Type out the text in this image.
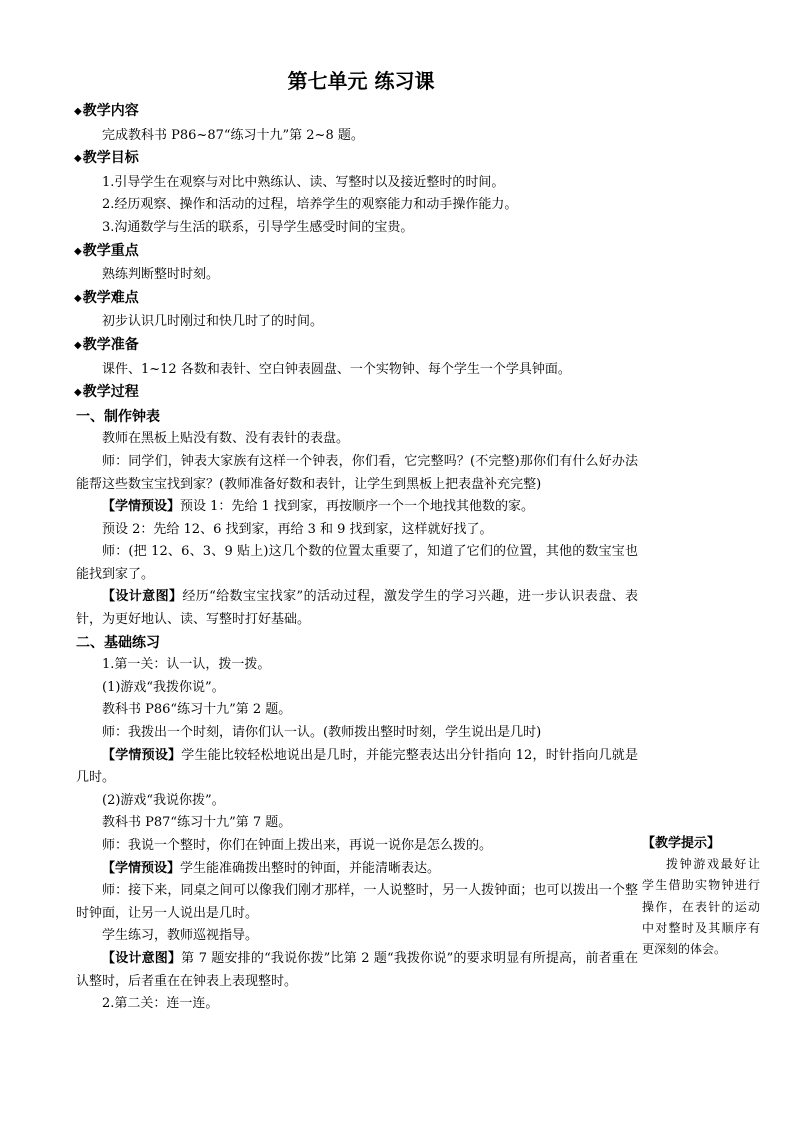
第七单元 练习课
◆教学内容

完成教科书 P86~87“练习十九”第 2~8 题。

◆教学目标

1.引导学生在观察与对比中熟练认、读、写整时以及接近整时的时间。

2.经历观察、操作和活动的过程，培养学生的观察能力和动手操作能力。

3.沟通数学与生活的联系，引导学生感受时间的宝贵。

◆教学重点

熟练判断整时时刻。

◆教学难点

初步认识几时刚过和快几时了的时间。

◆教学准备

课件、1~12 各数和表针、空白钟表圆盘、一个实物钟、每个学生一个学具钟面。

◆教学过程
一、制作钟表

教师在黑板上贴没有数、没有表针的表盘。

师：同学们，钟表大家族有这样一个钟表，你们看，它完整吗？(不完整)那你们有什么好办法能帮这些数宝宝找到家？(教师准备好数和表针，让学生到黑板上把表盘补充完整)

【学情预设】预设 1：先给 1 找到家，再按顺序一个一个地找其他数的家。

预设 2：先给 12、6 找到家，再给 3 和 9 找到家，这样就好找了。

师：(把 12、6、3、9 贴上)这几个数的位置太重要了，知道了它们的位置，其他的数宝宝也能找到家了。

【设计意图】经历“给数宝宝找家”的活动过程，激发学生的学习兴趣，进一步认识表盘、表针，为更好地认、读、写整时打好基础。

二、基础练习

1.第一关：认一认，拨一拨。

(1)游戏“我拨你说”。

教科书 P86“练习十九”第 2 题。

师：我拨出一个时刻，请你们认一认。(教师拨出整时时刻，学生说出是几时)

【学情预设】学生能比较轻松地说出是几时，并能完整表达出分针指向 12，时针指向几就是几时。

(2)游戏“我说你拨”。

教科书 P87“练习十九”第 7 题。

师：我说一个整时，你们在钟面上拨出来，再说一说你是怎么拨的。

【学情预设】学生能准确拨出整时的钟面，并能清晰表达。

师：接下来，同桌之间可以像我们刚才那样，一人说整时，另一人拨钟面；也可以拨出一个整时钟面，让另一人说出是几时。

学生练习，教师巡视指导。

【设计意图】第 7 题安排的“我说你拨”比第 2 题“我拨你说”的要求明显有所提高，前者重在认整时，后者重在在钟表上表现整时。

2.第二关：连一连。

【教学提示】

拨钟游戏最好让学生借助实物钟进行操作，在表针的运动中对整时及其顺序有更深刻的体会。
